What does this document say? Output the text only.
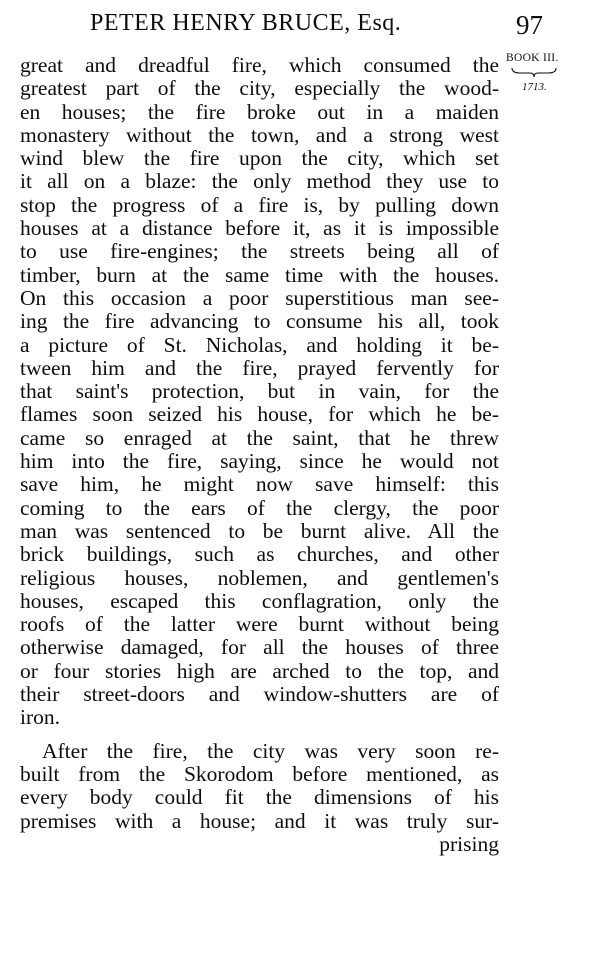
PETER HENRY BRUCE, Esq.	97
BOOK III.
1713.
great and dreadful fire, which consumed the
greatest part of the city, especially the wood-
en houses; the fire broke out in a maiden
monastery without the town, and a strong west
wind blew the fire upon the city, which set
it all on a blaze: the only method they use to
stop the progress of a fire is, by pulling down
houses at a distance before it, as it is impossible
to use fire-engines; the streets being all of
timber, burn at the same time with the houses.
On this occasion a poor superstitious man see-
ing the fire advancing to consume his all, took
a picture of St. Nicholas, and holding it be-
tween him and the fire, prayed fervently for
that saint's protection, but in vain, for the
flames soon seized his house, for which he be-
came so enraged at the saint, that he threw
him into the fire, saying, since he would not
save him, he might now save himself: this
coming to the ears of the clergy, the poor
man was sentenced to be burnt alive. All the
brick buildings, such as churches, and other
religious houses, noblemen, and gentlemen's
houses, escaped this conflagration, only the
roofs of the latter were burnt without being
otherwise damaged, for all the houses of three
or four stories high are arched to the top, and
their street-doors and window-shutters are of
iron.
After the fire, the city was very soon re-
built from the Skorodom before mentioned, as
every body could fit the dimensions of his
premises with a house; and it was truly sur-
prising
